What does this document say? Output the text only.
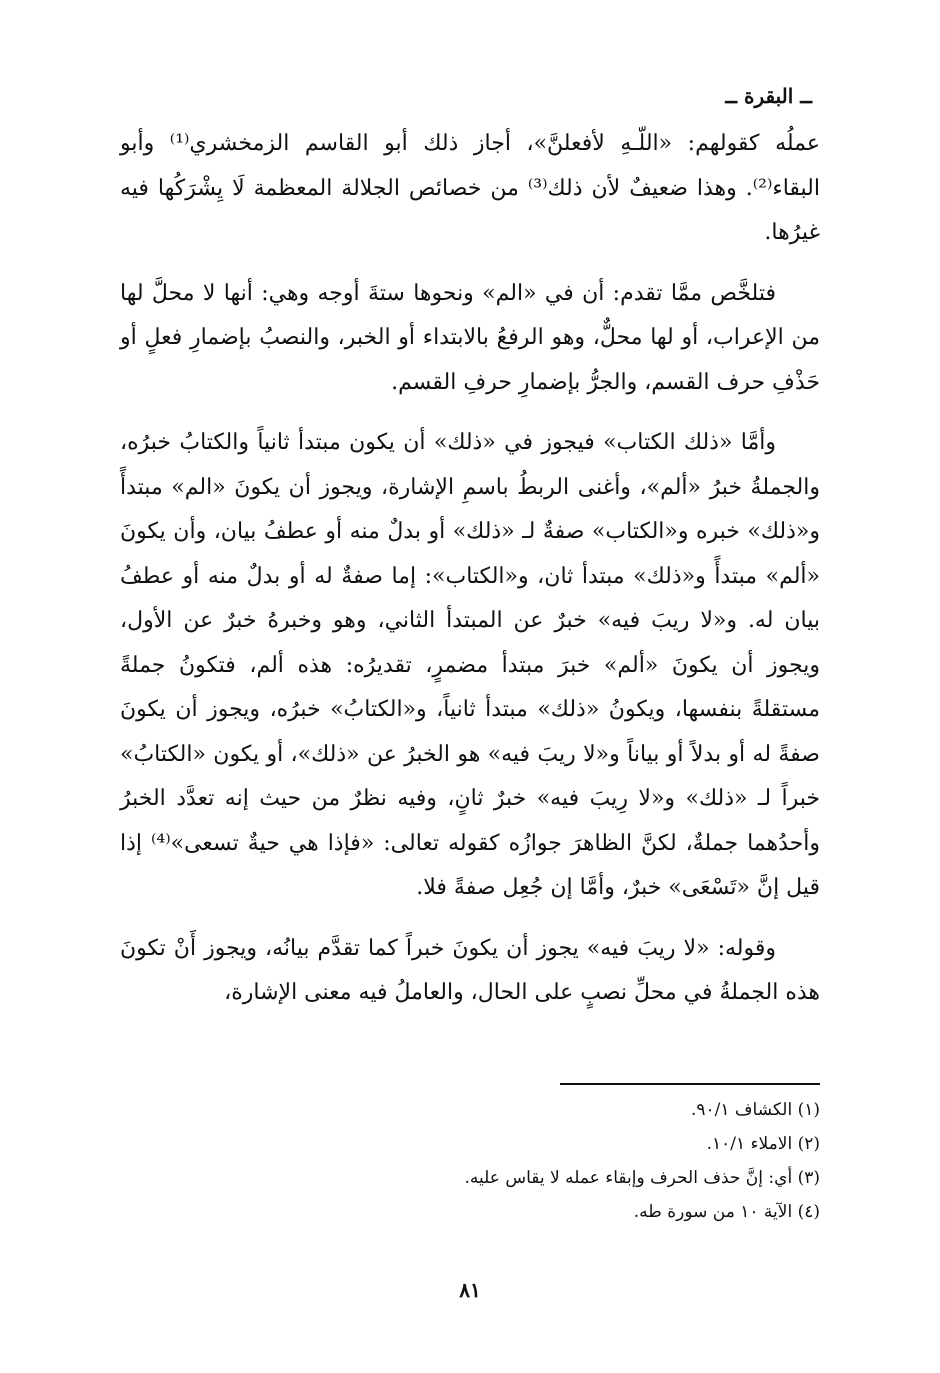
ــ البقرة ــ

عملُه كقولهم: «اللّـهِ لأفعلنَّ»، أجاز ذلك أبو القاسم الزمخشري⁽¹⁾ وأبو البقاء⁽²⁾. وهذا ضعيفٌ لأن ذلك⁽³⁾ من خصائص الجلالة المعظمة لَا يِشْرَكُها فيه غيرُها.

فتلخَّص ممَّا تقدم: أن في «الم» ونحوها ستةَ أوجه وهي: أنها لا محلَّ لها من الإعراب، أو لها محلٌّ، وهو الرفعُ بالابتداء أو الخبر، والنصبُ بإضمارِ فعلٍ أو حَذْفِ حرف القسم، والجرُّ بإضمارِ حرفِ القسم.

وأمَّا «ذلك الكتاب» فيجوز في «ذلك» أن يكون مبتدأ ثانياً والكتابُ خبرُه، والجملةُ خبرُ «ألم»، وأغنى الربطُ باسمِ الإشارة، ويجوز أن يكونَ «الم» مبتدأً و«ذلك» خبره و«الكتاب» صفةٌ لـ «ذلك» أو بدلٌ منه أو عطفُ بيان، وأن يكونَ «ألم» مبتدأً و«ذلك» مبتدأ ثان، و«الكتاب»: إما صفةٌ له أو بدلٌ منه أو عطفُ بيان له. و«لا ريبَ فيه» خبرٌ عن المبتدأ الثاني، وهو وخبرهُ خبرٌ عن الأول، ويجوز أن يكونَ «ألم» خبرَ مبتدأ مضمرٍ، تقديرُه: هذه ألم، فتكونُ جملةً مستقلةً بنفسها، ويكونُ «ذلك» مبتدأ ثانياً، و«الكتابُ» خبرُه، ويجوز أن يكونَ صفةً له أو بدلاً أو بياناً و«لا ريبَ فيه» هو الخبرُ عن «ذلك»، أو يكون «الكتابُ» خبراً لـ «ذلك» و«لا رِيبَ فيه» خبرٌ ثانٍ، وفيه نظرٌ من حيث إنه تعدَّد الخبرُ وأحدُهما جملةٌ، لكنَّ الظاهرَ جوازُه كقوله تعالى: «فإذا هي حيةٌ تسعى»⁽⁴⁾ إذا قيل إنَّ «تَسْعَى» خبرٌ، وأمَّا إن جُعِل صفةً فلا.

وقوله: «لا ريبَ فيه» يجوز أن يكونَ خبراً كما تقدَّم بيانُه، ويجوز أَنْ تكونَ هذه الجملةُ في محلِّ نصبٍ على الحال، والعاملُ فيه معنى الإشارة،

(١) الكشاف ٩٠/١.
(٢) الاملاء ١٠/١.
(٣) أي: إنَّ حذف الحرف وإبقاء عمله لا يقاس عليه.
(٤) الآية ١٠ من سورة طه.
٨١
